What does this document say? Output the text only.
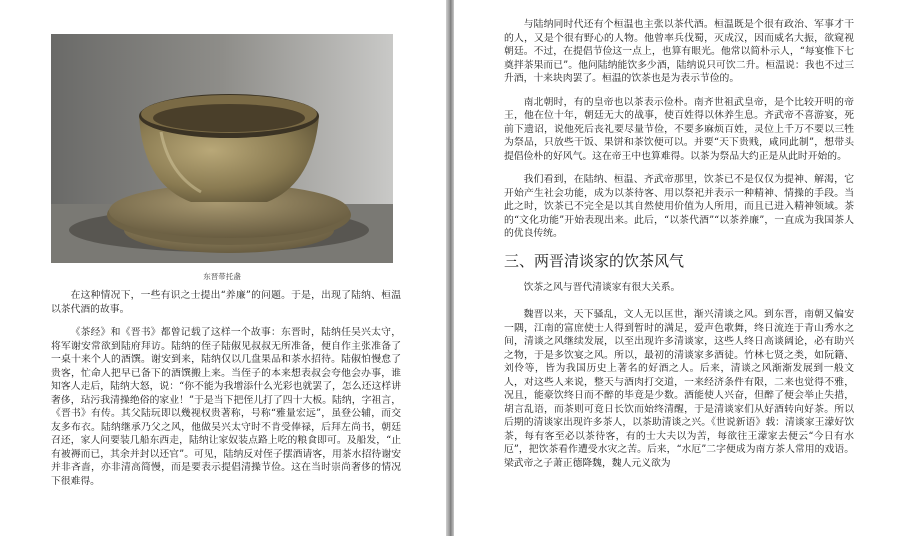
东晋带托盏

在这种情况下，一些有识之士提出“养廉”的问题。于是，出现了陆纳、桓温以茶代酒的故事。

《茶经》和《晋书》都曾记载了这样一个故事：东晋时，陆纳任吴兴太守，将军谢安常欲到陆府拜访。陆纳的侄子陆俶见叔叔无所准备，便自作主张准备了一桌十来个人的酒馔。谢安到来，陆纳仅以几盘果品和茶水招待。陆俶怕慢怠了贵客，忙命人把早已备下的酒馔搬上来。当侄子的本来想表叔会夸他会办事，谁知客人走后，陆纳大怒，说：“你不能为我增添什么光彩也就罢了，怎么还这样讲奢侈，玷污我清操绝俗的家业！”于是当下把侄儿打了四十大板。陆纳，字祖言，《晋书》有传。其父陆玩即以幾视权贵著称，号称“雅量宏远”，虽登公辅，而交友多布衣。陆纳继承乃父之风，他做吴兴太守时不肯受俸禄，后拜左尚书，朝廷召还，家人问要装几船东西走，陆纳让家奴装点路上吃的粮食即可。及船发，“止有被褥而已，其余并封以还官”。可见，陆纳反对侄子摆酒请客，用茶水招待谢安并非吝啬，亦非清高简慢，而是要表示提倡清操节俭。这在当时崇尚奢侈的情况下很难得。

与陆纳同时代还有个桓温也主张以茶代酒。桓温既是个很有政治、军事才干的人，又是个很有野心的人物。他曾率兵伐蜀，灭成汉，因而威名大振，欲窥视朝廷。不过，在提倡节俭这一点上，也算有眼光。他常以简朴示人，“每宴惟下七奠拌茶果而已”。他问陆纳能饮多少酒，陆纳说只可饮二升。桓温说：我也不过三升酒，十来块肉罢了。桓温的饮茶也是为表示节俭的。

南北朝时，有的皇帝也以茶表示俭朴。南齐世祖武皇帝，是个比较开明的帝王，他在位十年，朝廷无大的战事，使百姓得以休养生息。齐武帝不喜游宴，死前下遗诏，说他死后丧礼要尽量节俭，不要多麻烦百姓，灵位上千万不要以三牲为祭品，只放些干饭、果饼和茶饮便可以。并要“天下贵贱，咸同此制”，想带头提倡俭朴的好风气。这在帝王中也算难得。以茶为祭品大约正是从此时开始的。

我们看到，在陆纳、桓温、齐武帝那里，饮茶已不是仅仅为提神、解渴，它开始产生社会功能，成为以茶待客、用以祭祀并表示一种精神、情操的手段。当此之时，饮茶已不完全是以其自然使用价值为人所用，而且已进入精神领域。茶的“文化功能”开始表现出来。此后，“以茶代酒”“以茶养廉”，一直成为我国茶人的优良传统。

三、两晋清谈家的饮茶风气

饮茶之风与晋代清谈家有很大关系。

魏晋以来，天下骚乱，文人无以匡世，渐兴清谈之风。到东晋，南朝又偏安一隅，江南的富庶使士人得到暂时的满足，爱声色歌舞，终日流连于青山秀水之间，清谈之风继续发展，以至出现许多清谈家，这些人终日高谈阔论，必有助兴之物，于是多饮宴之风。所以，最初的清谈家多酒徒。竹林七贤之类，如阮籍、刘伶等，皆为我国历史上著名的好酒之人。后来，清谈之风渐渐发展到一般文人，对这些人来说，整天与酒肉打交道，一来经济条件有限，二来也觉得不雅，况且，能豪饮终日而不醉的毕竟是少数。酒能使人兴奋，但醉了便会举止失措，胡言乱语，而茶则可竟日长饮而始终清醒，于是清谈家们从好酒转向好茶。所以后期的清谈家出现许多茶人，以茶助清谈之兴。《世说新语》载：清谈家王濛好饮茶，每有客至必以茶待客，有的士大夫以为苦，每欲往王濛家去便云“今日有水厄”，把饮茶看作遭受水灾之苦。后来，“水厄”二字便成为南方茶人常用的戏语。梁武帝之子萧正德降魏，魏人元义欲为
